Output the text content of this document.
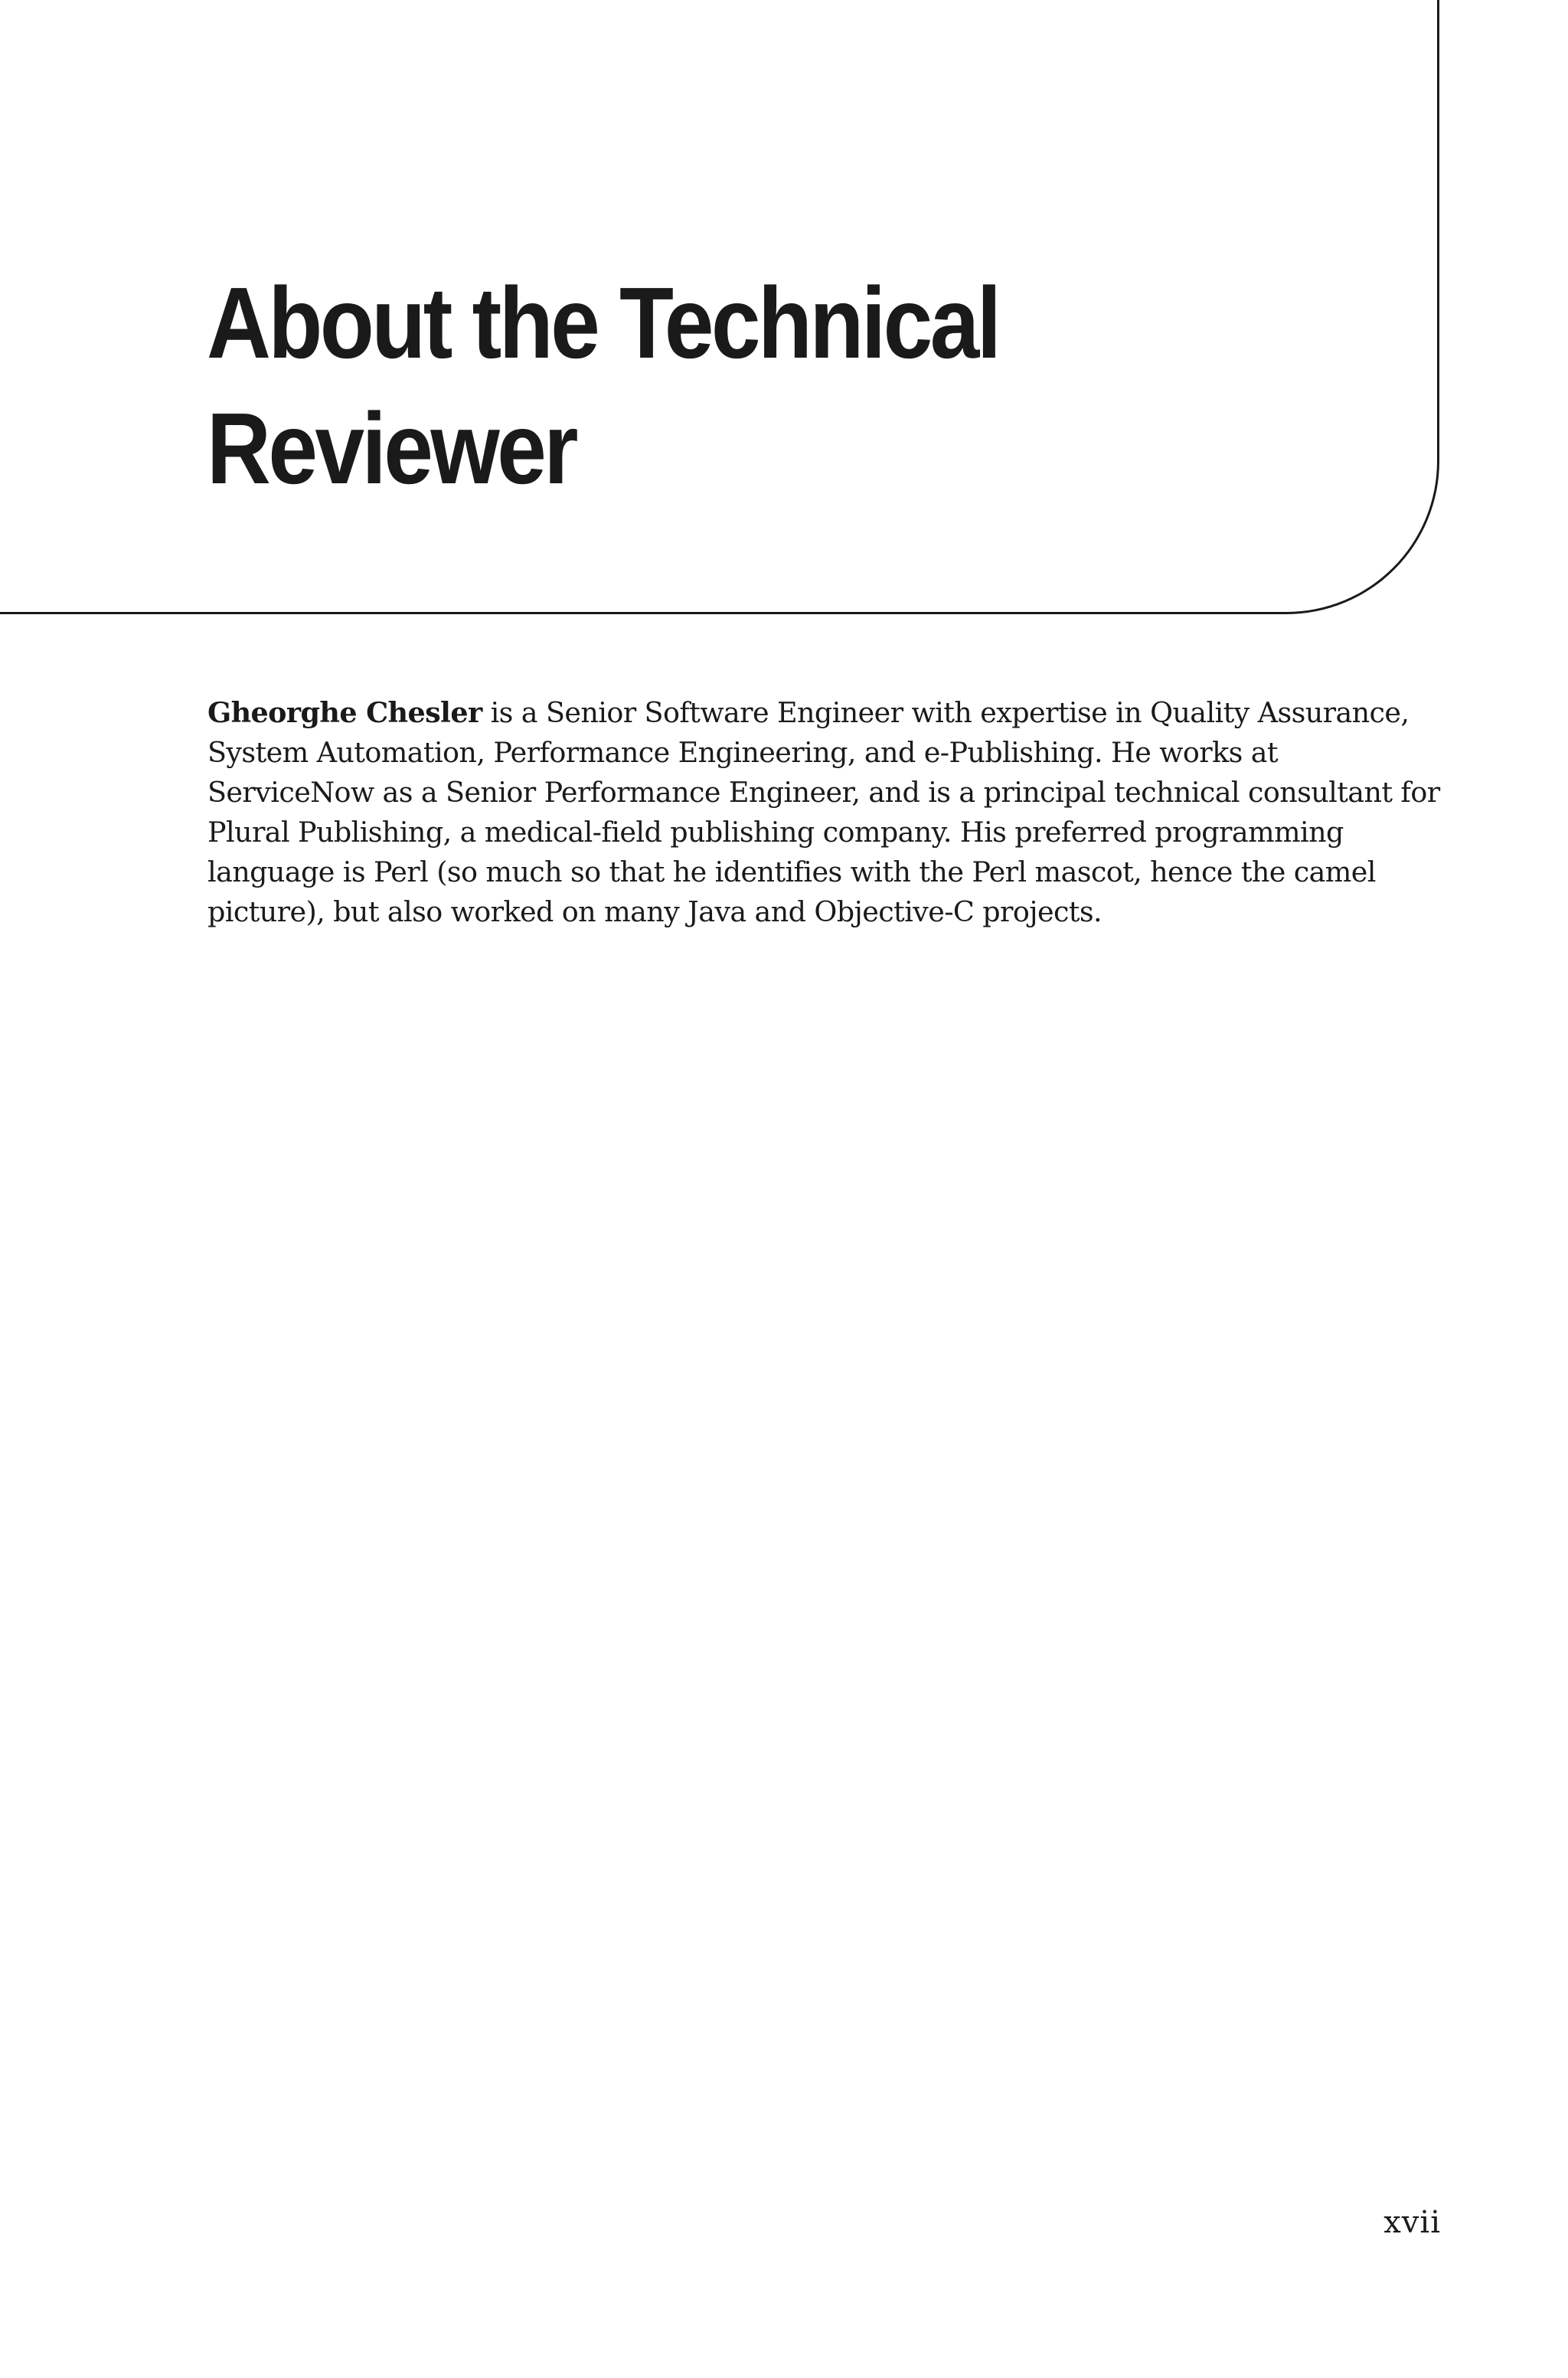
About the Technical
Reviewer

Gheorghe Chesler is a Senior Software Engineer with expertise in Quality Assurance,
System Automation, Performance Engineering, and e-Publishing. He works at
ServiceNow as a Senior Performance Engineer, and is a principal technical consultant for
Plural Publishing, a medical-field publishing company. His preferred programming
language is Perl (so much so that he identifies with the Perl mascot, hence the camel
picture), but also worked on many Java and Objective-C projects.

xvii
